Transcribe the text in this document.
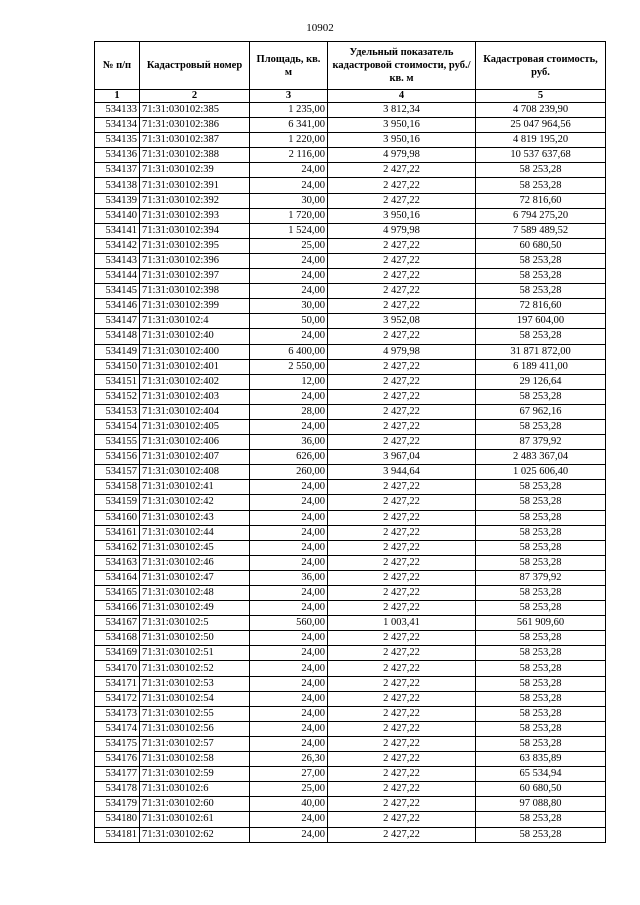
10902
№ п/п	Кадастровый номер	Площадь, кв. м	Удельный показатель кадастровой стоимости, руб./кв. м	Кадастровая стоимость, руб.
1	2	3	4	5
534133	71:31:030102:385	1 235,00	3 812,34	4 708 239,90
534134	71:31:030102:386	6 341,00	3 950,16	25 047 964,56
534135	71:31:030102:387	1 220,00	3 950,16	4 819 195,20
534136	71:31:030102:388	2 116,00	4 979,98	10 537 637,68
534137	71:31:030102:39	24,00	2 427,22	58 253,28
534138	71:31:030102:391	24,00	2 427,22	58 253,28
534139	71:31:030102:392	30,00	2 427,22	72 816,60
534140	71:31:030102:393	1 720,00	3 950,16	6 794 275,20
534141	71:31:030102:394	1 524,00	4 979,98	7 589 489,52
534142	71:31:030102:395	25,00	2 427,22	60 680,50
534143	71:31:030102:396	24,00	2 427,22	58 253,28
534144	71:31:030102:397	24,00	2 427,22	58 253,28
534145	71:31:030102:398	24,00	2 427,22	58 253,28
534146	71:31:030102:399	30,00	2 427,22	72 816,60
534147	71:31:030102:4	50,00	3 952,08	197 604,00
534148	71:31:030102:40	24,00	2 427,22	58 253,28
534149	71:31:030102:400	6 400,00	4 979,98	31 871 872,00
534150	71:31:030102:401	2 550,00	2 427,22	6 189 411,00
534151	71:31:030102:402	12,00	2 427,22	29 126,64
534152	71:31:030102:403	24,00	2 427,22	58 253,28
534153	71:31:030102:404	28,00	2 427,22	67 962,16
534154	71:31:030102:405	24,00	2 427,22	58 253,28
534155	71:31:030102:406	36,00	2 427,22	87 379,92
534156	71:31:030102:407	626,00	3 967,04	2 483 367,04
534157	71:31:030102:408	260,00	3 944,64	1 025 606,40
534158	71:31:030102:41	24,00	2 427,22	58 253,28
534159	71:31:030102:42	24,00	2 427,22	58 253,28
534160	71:31:030102:43	24,00	2 427,22	58 253,28
534161	71:31:030102:44	24,00	2 427,22	58 253,28
534162	71:31:030102:45	24,00	2 427,22	58 253,28
534163	71:31:030102:46	24,00	2 427,22	58 253,28
534164	71:31:030102:47	36,00	2 427,22	87 379,92
534165	71:31:030102:48	24,00	2 427,22	58 253,28
534166	71:31:030102:49	24,00	2 427,22	58 253,28
534167	71:31:030102:5	560,00	1 003,41	561 909,60
534168	71:31:030102:50	24,00	2 427,22	58 253,28
534169	71:31:030102:51	24,00	2 427,22	58 253,28
534170	71:31:030102:52	24,00	2 427,22	58 253,28
534171	71:31:030102:53	24,00	2 427,22	58 253,28
534172	71:31:030102:54	24,00	2 427,22	58 253,28
534173	71:31:030102:55	24,00	2 427,22	58 253,28
534174	71:31:030102:56	24,00	2 427,22	58 253,28
534175	71:31:030102:57	24,00	2 427,22	58 253,28
534176	71:31:030102:58	26,30	2 427,22	63 835,89
534177	71:31:030102:59	27,00	2 427,22	65 534,94
534178	71:31:030102:6	25,00	2 427,22	60 680,50
534179	71:31:030102:60	40,00	2 427,22	97 088,80
534180	71:31:030102:61	24,00	2 427,22	58 253,28
534181	71:31:030102:62	24,00	2 427,22	58 253,28
